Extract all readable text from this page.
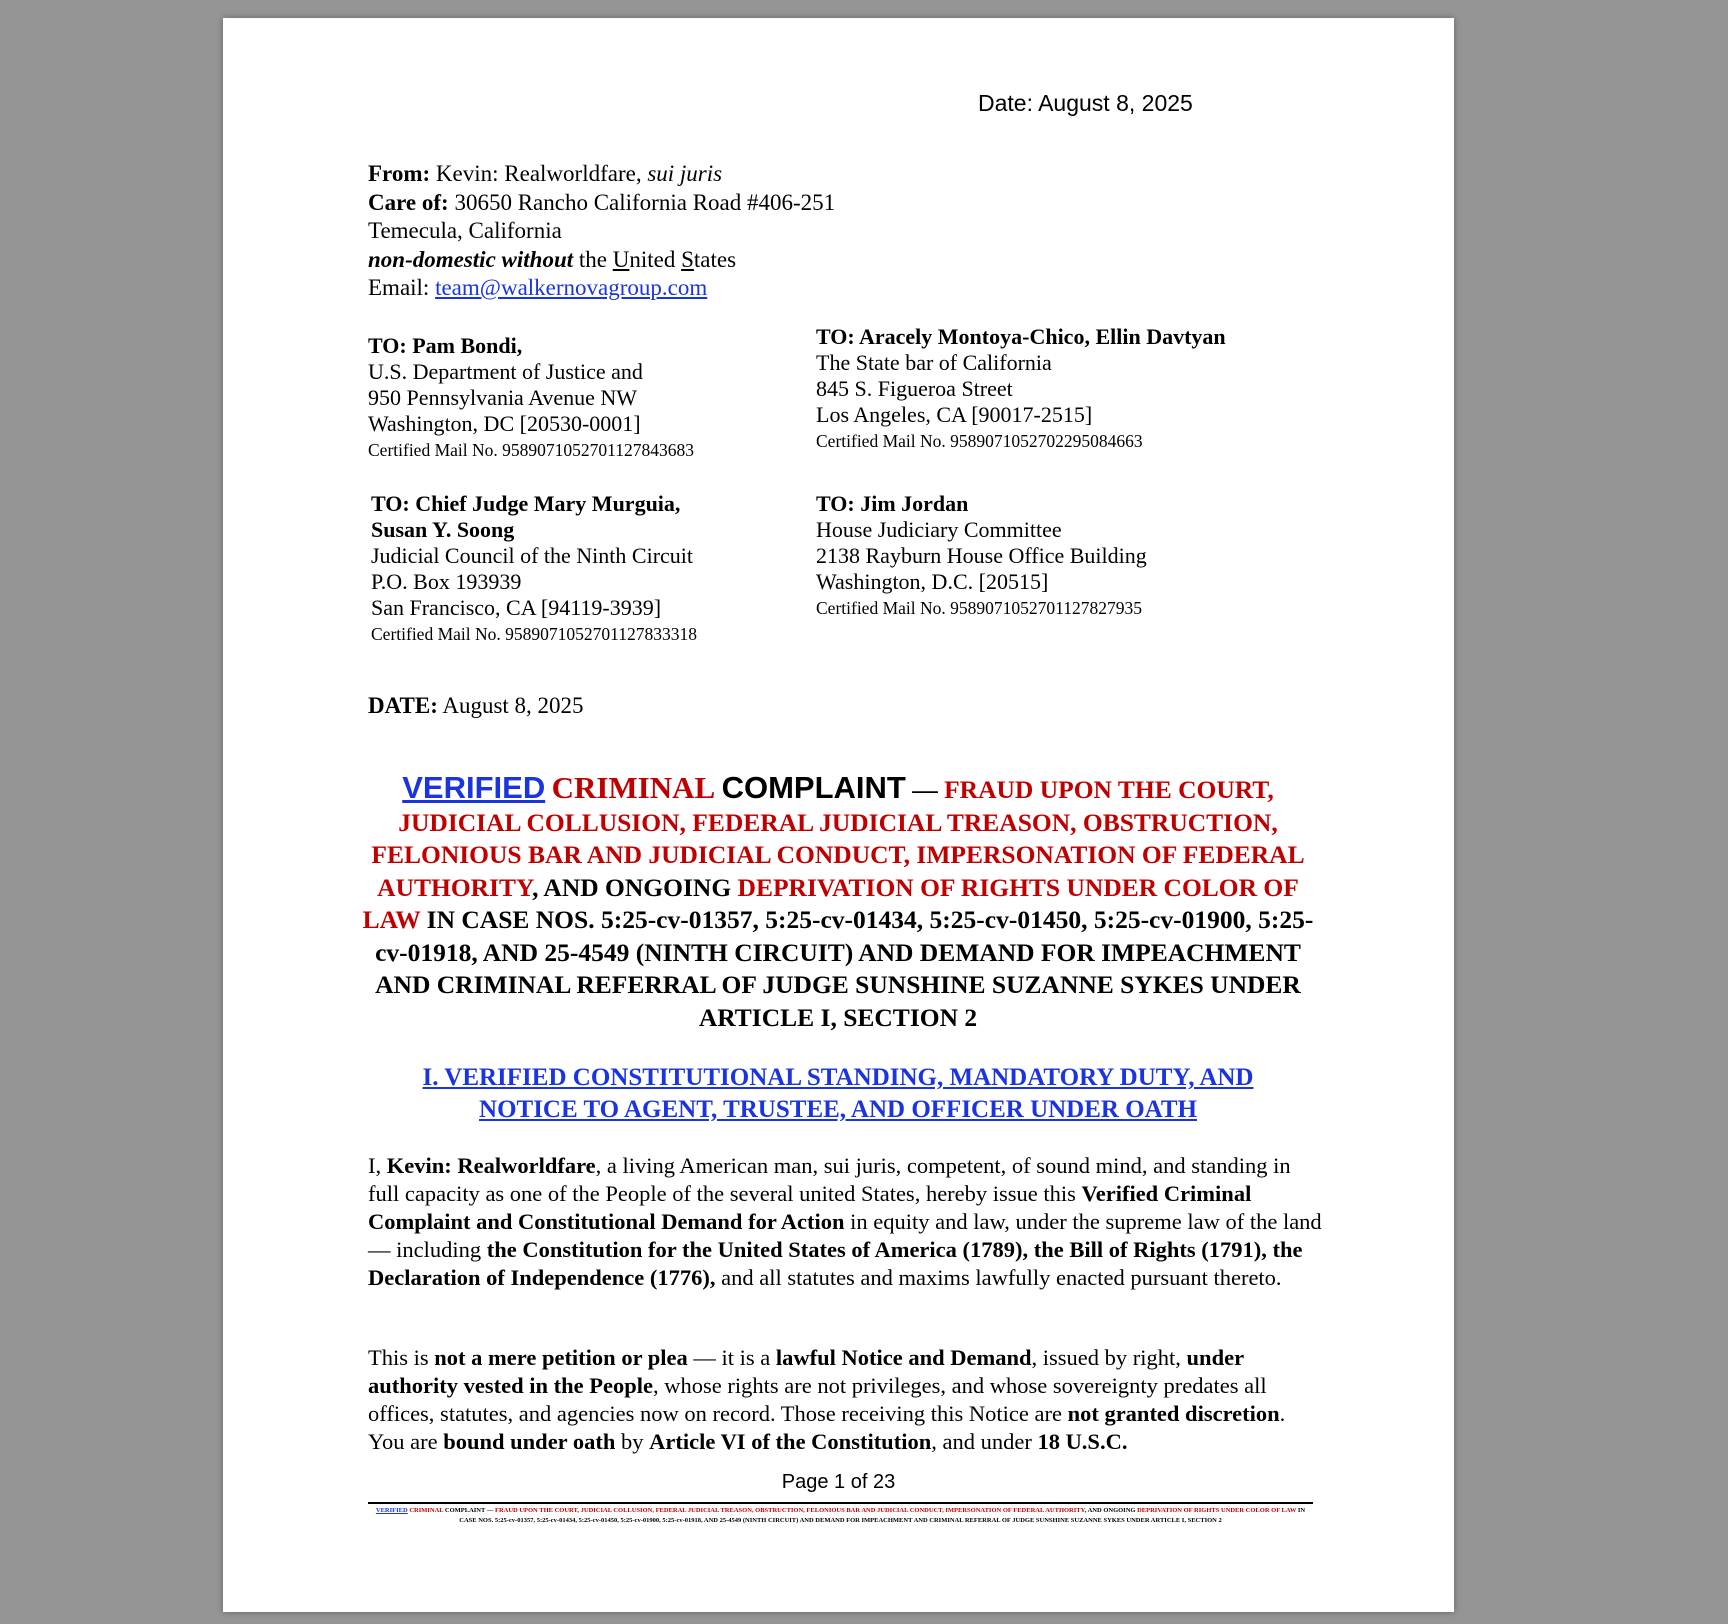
Date: August 8, 2025
From: Kevin: Realworldfare, sui juris
Care of: 30650 Rancho California Road #406-251
Temecula, California
non-domestic without the United States
Email: team@walkernovagroup.com
TO: Pam Bondi,
U.S. Department of Justice and
950 Pennsylvania Avenue NW
Washington, DC [20530-0001]
Certified Mail No. 9589071052701127843683
TO: Aracely Montoya-Chico, Ellin Davtyan
The State bar of California
845 S. Figueroa Street
Los Angeles, CA [90017-2515]
Certified Mail No. 9589071052702295084663
TO: Chief Judge Mary Murguia,
Susan Y. Soong
Judicial Council of the Ninth Circuit
P.O. Box 193939
San Francisco, CA [94119-3939]
Certified Mail No. 9589071052701127833318
TO: Jim Jordan
House Judiciary Committee
2138 Rayburn House Office Building
Washington, D.C. [20515]
Certified Mail No. 9589071052701127827935
DATE: August 8, 2025
VERIFIED CRIMINAL COMPLAINT — FRAUD UPON THE COURT, JUDICIAL COLLUSION, FEDERAL JUDICIAL TREASON, OBSTRUCTION, FELONIOUS BAR AND JUDICIAL CONDUCT, IMPERSONATION OF FEDERAL AUTHORITY, AND ONGOING DEPRIVATION OF RIGHTS UNDER COLOR OF LAW IN CASE NOS. 5:25-cv-01357, 5:25-cv-01434, 5:25-cv-01450, 5:25-cv-01900, 5:25-cv-01918, AND 25-4549 (NINTH CIRCUIT) AND DEMAND FOR IMPEACHMENT AND CRIMINAL REFERRAL OF JUDGE SUNSHINE SUZANNE SYKES UNDER ARTICLE I, SECTION 2
I. VERIFIED CONSTITUTIONAL STANDING, MANDATORY DUTY, AND
NOTICE TO AGENT, TRUSTEE, AND OFFICER UNDER OATH
I, Kevin: Realworldfare, a living American man, sui juris, competent, of sound mind, and standing in full capacity as one of the People of the several united States, hereby issue this Verified Criminal Complaint and Constitutional Demand for Action in equity and law, under the supreme law of the land — including the Constitution for the United States of America (1789), the Bill of Rights (1791), the Declaration of Independence (1776), and all statutes and maxims lawfully enacted pursuant thereto.
This is not a mere petition or plea — it is a lawful Notice and Demand, issued by right, under authority vested in the People, whose rights are not privileges, and whose sovereignty predates all offices, statutes, and agencies now on record. Those receiving this Notice are not granted discretion. You are bound under oath by Article VI of the Constitution, and under 18 U.S.C.
Page 1 of 23
VERIFIED CRIMINAL COMPLAINT — FRAUD UPON THE COURT, JUDICIAL COLLUSION, FEDERAL JUDICIAL TREASON, OBSTRUCTION, FELONIOUS BAR AND JUDICIAL CONDUCT, IMPERSONATION OF FEDERAL AUTHORITY, AND ONGOING DEPRIVATION OF RIGHTS UNDER COLOR OF LAW IN CASE NOS. 5:25-cv-01357, 5:25-cv-01434, 5:25-cv-01450, 5:25-cv-01900, 5:25-cv-01918, AND 25-4549 (NINTH CIRCUIT) AND DEMAND FOR IMPEACHMENT AND CRIMINAL REFERRAL OF JUDGE SUNSHINE SUZANNE SYKES UNDER ARTICLE I, SECTION 2
